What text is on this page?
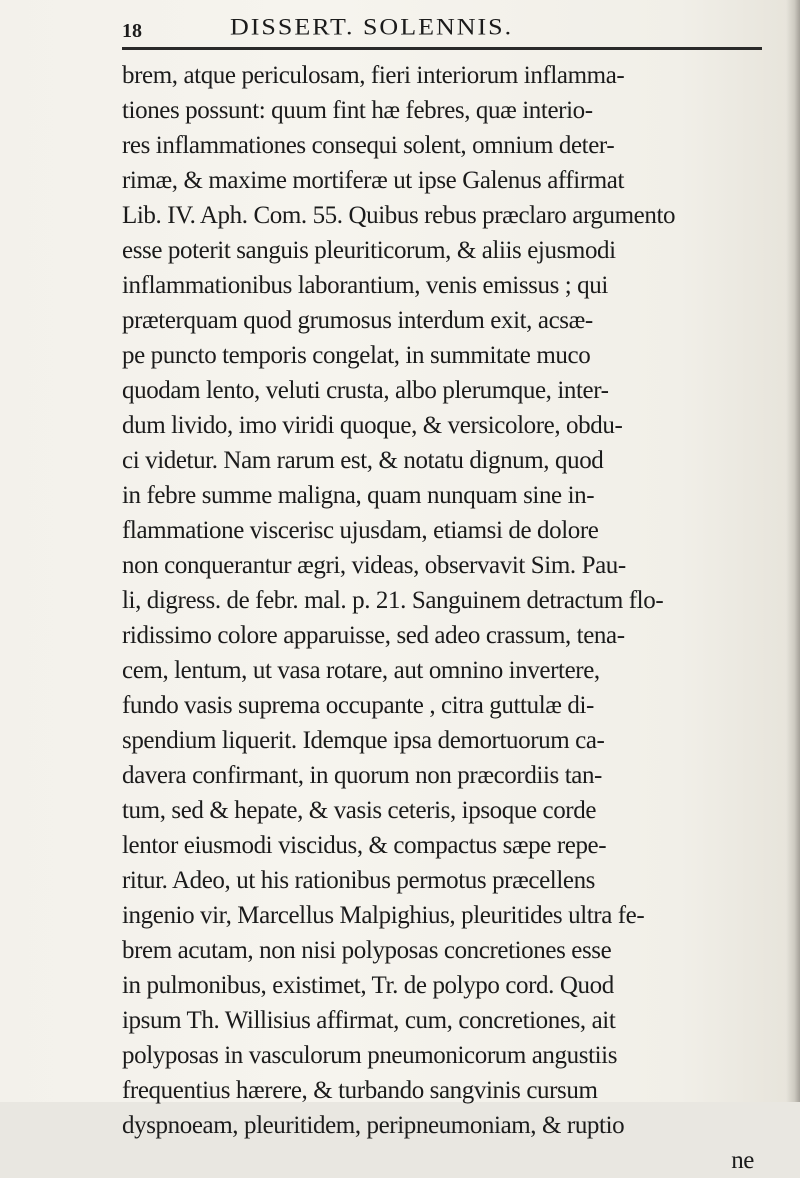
18	DISSERT. SOLENNIS.
brem, atque periculosam, fieri interiorum inflamma-
tiones possunt: quum fint hæ febres, quæ interio-
res inflammationes consequi solent, omnium deter-
rimæ, & maxime mortiferæ ut ipse Galenus affirmat
Lib. IV. Aph. Com. 55. Quibus rebus præclaro argumento
esse poterit sanguis pleuriticorum, & aliis ejusmodi
inflammationibus laborantium, venis emissus ; qui
præterquam quod grumosus interdum exit, acsæ-
pe puncto temporis congelat, in summitate muco
quodam lento, veluti crusta, albo plerumque, inter-
dum livido, imo viridi quoque, & versicolore, obdu-
ci videtur. Nam rarum est, & notatu dignum, quod
in febre summe maligna, quam nunquam sine in-
flammatione viscerisc ujusdam, etiamsi de dolore
non conquerantur ægri, videas, observavit Sim. Pau-
li, digress. de febr. mal. p. 21. Sanguinem detractum flo-
ridissimo colore apparuisse, sed adeo crassum, tena-
cem, lentum, ut vasa rotare, aut omnino invertere,
fundo vasis suprema occupante , citra guttulæ di-
spendium liquerit. Idemque ipsa demortuorum ca-
davera confirmant, in quorum non præcordiis tan-
tum, sed & hepate, & vasis ceteris, ipsoque corde
lentor eiusmodi viscidus, & compactus sæpe repe-
ritur. Adeo, ut his rationibus permotus præcellens
ingenio vir, Marcellus Malpighius, pleuritides ultra fe-
brem acutam, non nisi polyposas concretiones esse
in pulmonibus, existimet, Tr. de polypo cord. Quod
ipsum Th. Willisius affirmat, cum, concretiones, ait
polyposas in vasculorum pneumonicorum angustiis
frequentius hærere, & turbando sangvinis cursum
dyspnoeam, pleuritidem, peripneumoniam, & ruptio
ne
